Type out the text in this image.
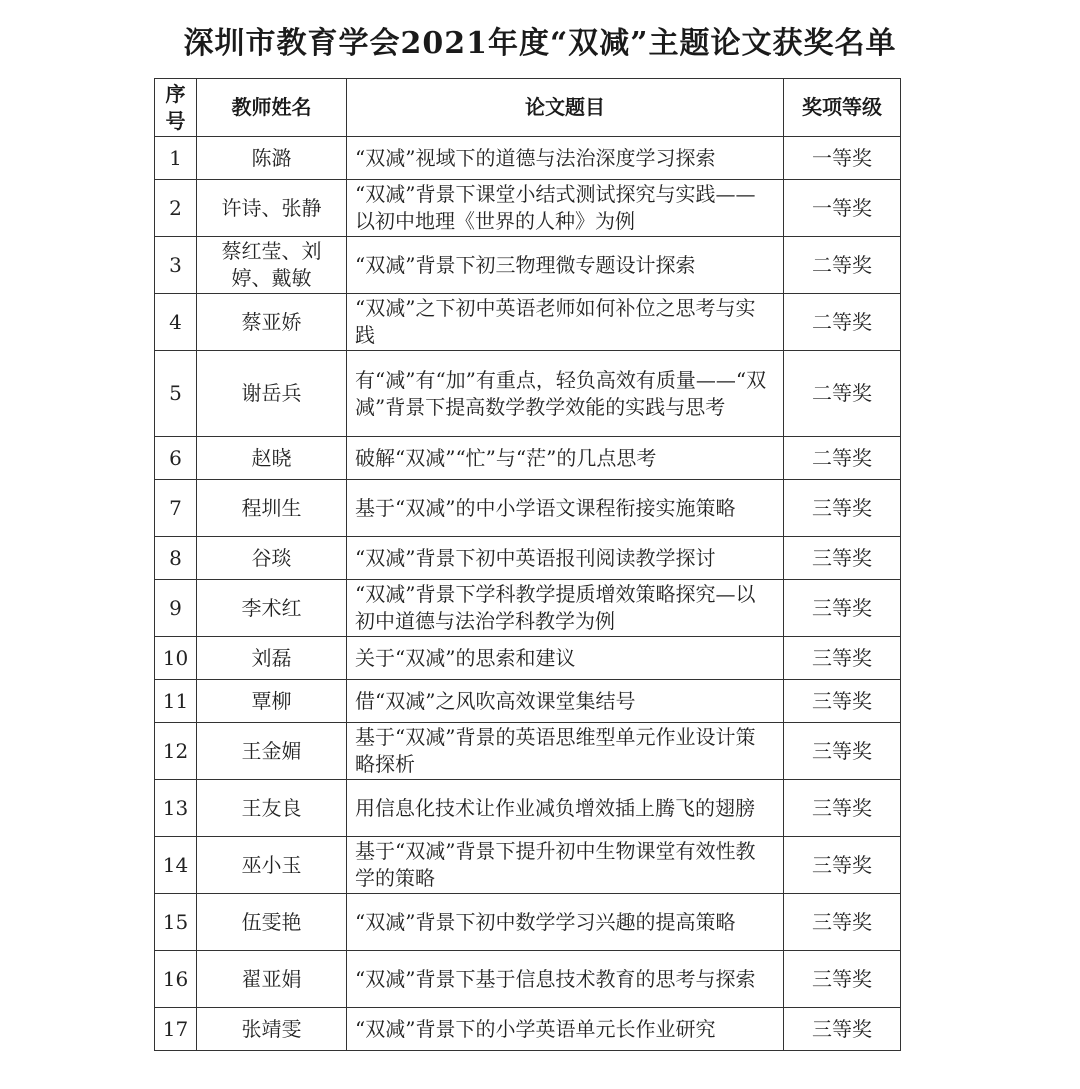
深圳市教育学会2021年度“双减”主题论文获奖名单
序号	教师姓名	论文题目	奖项等级
1	陈潞	“双减”视域下的道德与法治深度学习探索	一等奖
2	许诗、张静	“双减”背景下课堂小结式测试探究与实践——以初中地理《世界的人种》为例	一等奖
3	蔡红莹、刘婷、戴敏	“双减”背景下初三物理微专题设计探索	二等奖
4	蔡亚娇	“双减”之下初中英语老师如何补位之思考与实践	二等奖
5	谢岳兵	有“减”有“加”有重点，轻负高效有质量——“双减”背景下提高数学教学效能的实践与思考	二等奖
6	赵晓	破解“双减”“忙”与“茫”的几点思考	二等奖
7	程圳生	基于“双减”的中小学语文课程衔接实施策略	三等奖
8	谷琰	“双减”背景下初中英语报刊阅读教学探讨	三等奖
9	李术红	“双减”背景下学科教学提质增效策略探究—以初中道德与法治学科教学为例	三等奖
10	刘磊	关于“双减”的思索和建议	三等奖
11	覃柳	借“双减”之风吹高效课堂集结号	三等奖
12	王金媚	基于“双减”背景的英语思维型单元作业设计策略探析	三等奖
13	王友良	用信息化技术让作业减负增效插上腾飞的翅膀	三等奖
14	巫小玉	基于“双减”背景下提升初中生物课堂有效性教学的策略	三等奖
15	伍雯艳	“双减”背景下初中数学学习兴趣的提高策略	三等奖
16	翟亚娟	“双减”背景下基于信息技术教育的思考与探索	三等奖
17	张靖雯	“双减”背景下的小学英语单元长作业研究	三等奖
